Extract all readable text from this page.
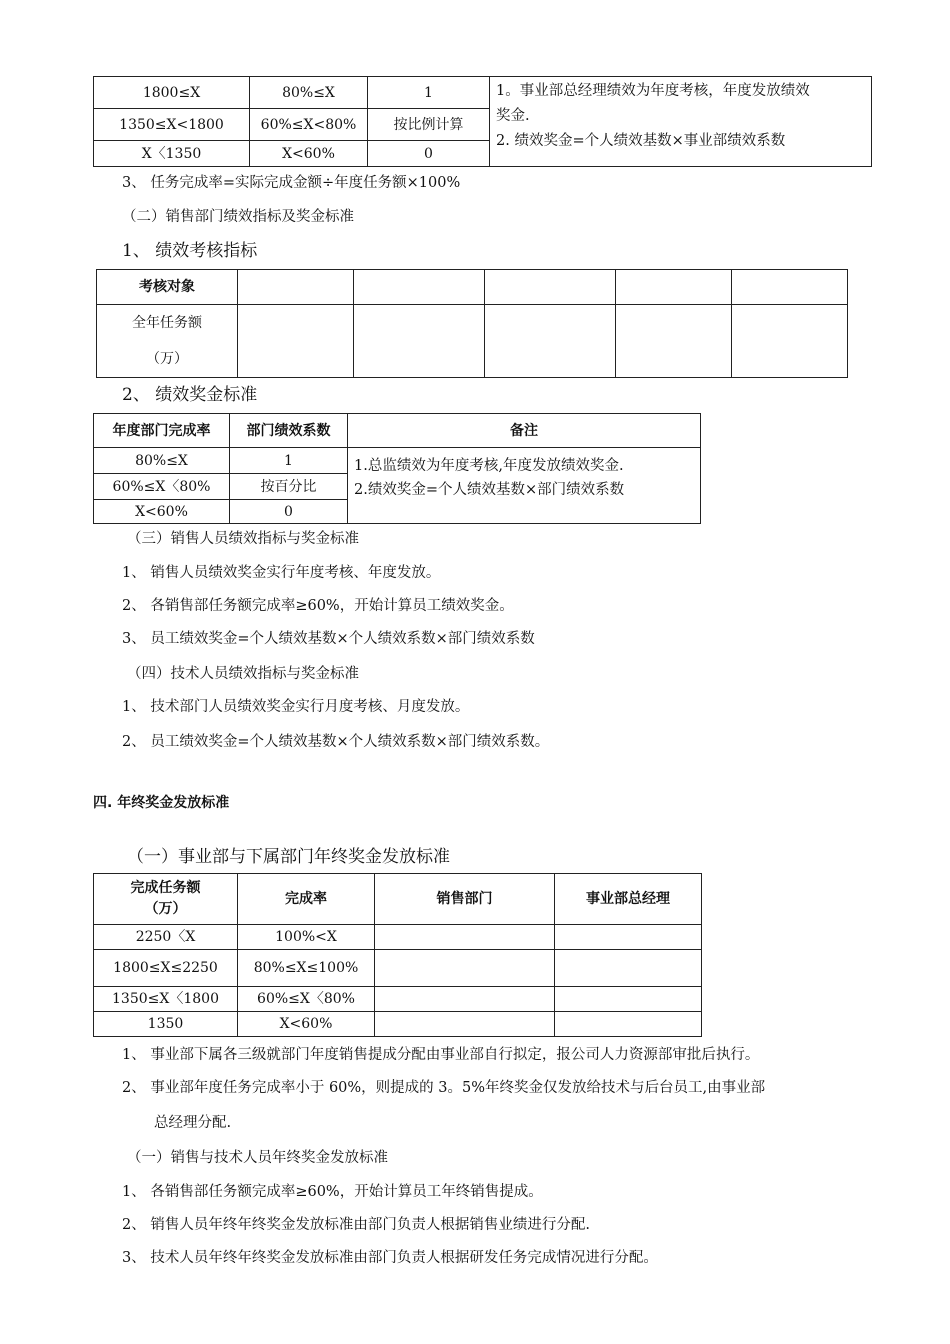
1800≤X	80%≤X	1	1。事业部总经理绩效为年度考核，年度发放绩效
奖金.
2. 绩效奖金=个人绩效基数×事业部绩效系数

1350≤X<1800	60%≤X<80%	按比例计算	
X〈1350	X<60%	0	
3、 任务完成率=实际完成金额÷年度任务额×100%
（二）销售部门绩效指标及奖金标准
1、 绩效考核指标
考核对象					

全年任务额
（万）					

2、 绩效奖金标准
年度部门完成率	部门绩效系数	备注
80%≤X	1	1.总监绩效为年度考核,年度发放绩效奖金.
2.绩效奖金=个人绩效基数×部门绩效系数

60%≤X〈80%	按百分比	
X<60%	0	
（三）销售人员绩效指标与奖金标准
1、 销售人员绩效奖金实行年度考核、年度发放。
2、 各销售部任务额完成率≥60%，开始计算员工绩效奖金。
3、 员工绩效奖金=个人绩效基数×个人绩效系数×部门绩效系数
（四）技术人员绩效指标与奖金标准
1、 技术部门人员绩效奖金实行月度考核、月度发放。
2、 员工绩效奖金=个人绩效基数×个人绩效系数×部门绩效系数。
四. 年终奖金发放标准
（一）事业部与下属部门年终奖金发放标准
完成任务额
（万）	完成率	销售部门	事业部总经理
2250〈X	100%<X		
1800≤X≤2250	80%≤X≤100%		
1350≤X〈1800	60%≤X〈80%		
1350	X<60%		
1、 事业部下属各三级就部门年度销售提成分配由事业部自行拟定，报公司人力资源部审批后执行。
2、 事业部年度任务完成率小于 60%，则提成的 3。5%年终奖金仅发放给技术与后台员工,由事业部
总经理分配.
（一）销售与技术人员年终奖金发放标准
1、 各销售部任务额完成率≥60%，开始计算员工年终销售提成。
2、 销售人员年终年终奖金发放标准由部门负责人根据销售业绩进行分配.
3、 技术人员年终年终奖金发放标准由部门负责人根据研发任务完成情况进行分配。
